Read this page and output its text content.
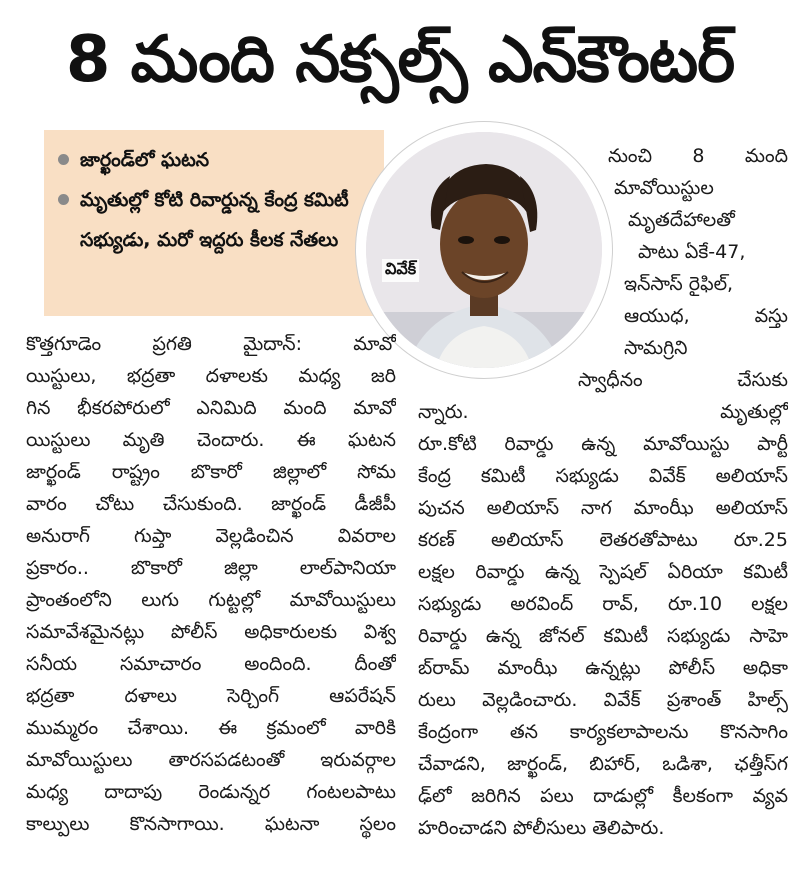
8 మంది నక్సల్స్‌ ఎన్‌కౌంటర్‌
జార్ఖండ్‌లో ఘటన
మృతుల్లో కోటి రివార్డున్న కేంద్ర కమిటీ సభ్యుడు, మరో ఇద్దరు కీలక నేతలు
వివేక్‌
కొత్తగూడెం ప్రగతి మైదాన్‌: మావో
యిస్టులు, భద్రతా దళాలకు మధ్య జరి
గిన భీకరపోరులో ఎనిమిది మంది మావో
యిస్టులు మృతి చెందారు. ఈ ఘటన
జార్ఖండ్‌ రాష్ట్రం బొకారో జిల్లాలో సోమ
వారం చోటు చేసుకుంది. జార్ఖండ్‌ డీజీపీ
అనురాగ్‌ గుప్తా వెల్లడించిన వివరాల
ప్రకారం.. బొకారో జిల్లా లాల్‌పానియా
ప్రాంతంలోని లుగు గుట్టల్లో మావోయిస్టులు
సమావేశమైనట్లు పోలీస్‌ అధికారులకు విశ్వ
సనీయ సమాచారం అందింది. దీంతో
భద్రతా దళాలు సెర్చింగ్‌ ఆపరేషన్‌
ముమ్మరం చేశాయి. ఈ క్రమంలో వారికి
మావోయిస్టులు తారసపడటంతో ఇరువర్గాల
మధ్య దాదాపు రెండున్నర గంటలపాటు
కాల్పులు కొనసాగాయి. ఘటనా స్థలం
నుంచి 8 మంది
మావోయిస్టుల
మృతదేహాలతో
పాటు ఏకే-47,
ఇన్‌సాస్‌ రైఫిల్‌,
ఆయుధ, వస్తు
సామగ్రిని
స్వాధీనం చేసుకు
న్నారు. మృతుల్లో
రూ.కోటి రివార్డు ఉన్న మావోయిస్టు పార్టీ
కేంద్ర కమిటీ సభ్యుడు వివేక్‌ అలియాస్‌
పుచన అలియాస్‌ నాగ మాంఝీ అలియాస్‌
కరణ్‌ అలియాస్‌ లెతరతోపాటు రూ.25
లక్షల రివార్డు ఉన్న స్పెషల్‌ ఏరియా కమిటీ
సభ్యుడు అరవింద్‌ రావ్‌, రూ.10 లక్షల
రివార్డు ఉన్న జోనల్‌ కమిటీ సభ్యుడు సాహె
బ్‌రామ్‌ మాంఝీ ఉన్నట్లు పోలీస్‌ అధికా
రులు వెల్లడించారు. వివేక్‌ ప్రశాంత్‌ హిల్స్‌
కేంద్రంగా తన కార్యకలాపాలను కొనసాగిం
చేవాడని, జార్ఖండ్‌, బిహార్‌, ఒడిశా, ఛత్తీస్‌గ
ఢ్‌లో జరిగిన పలు దాడుల్లో కీలకంగా వ్యవ
హరించాడని పోలీసులు తెలిపారు.
